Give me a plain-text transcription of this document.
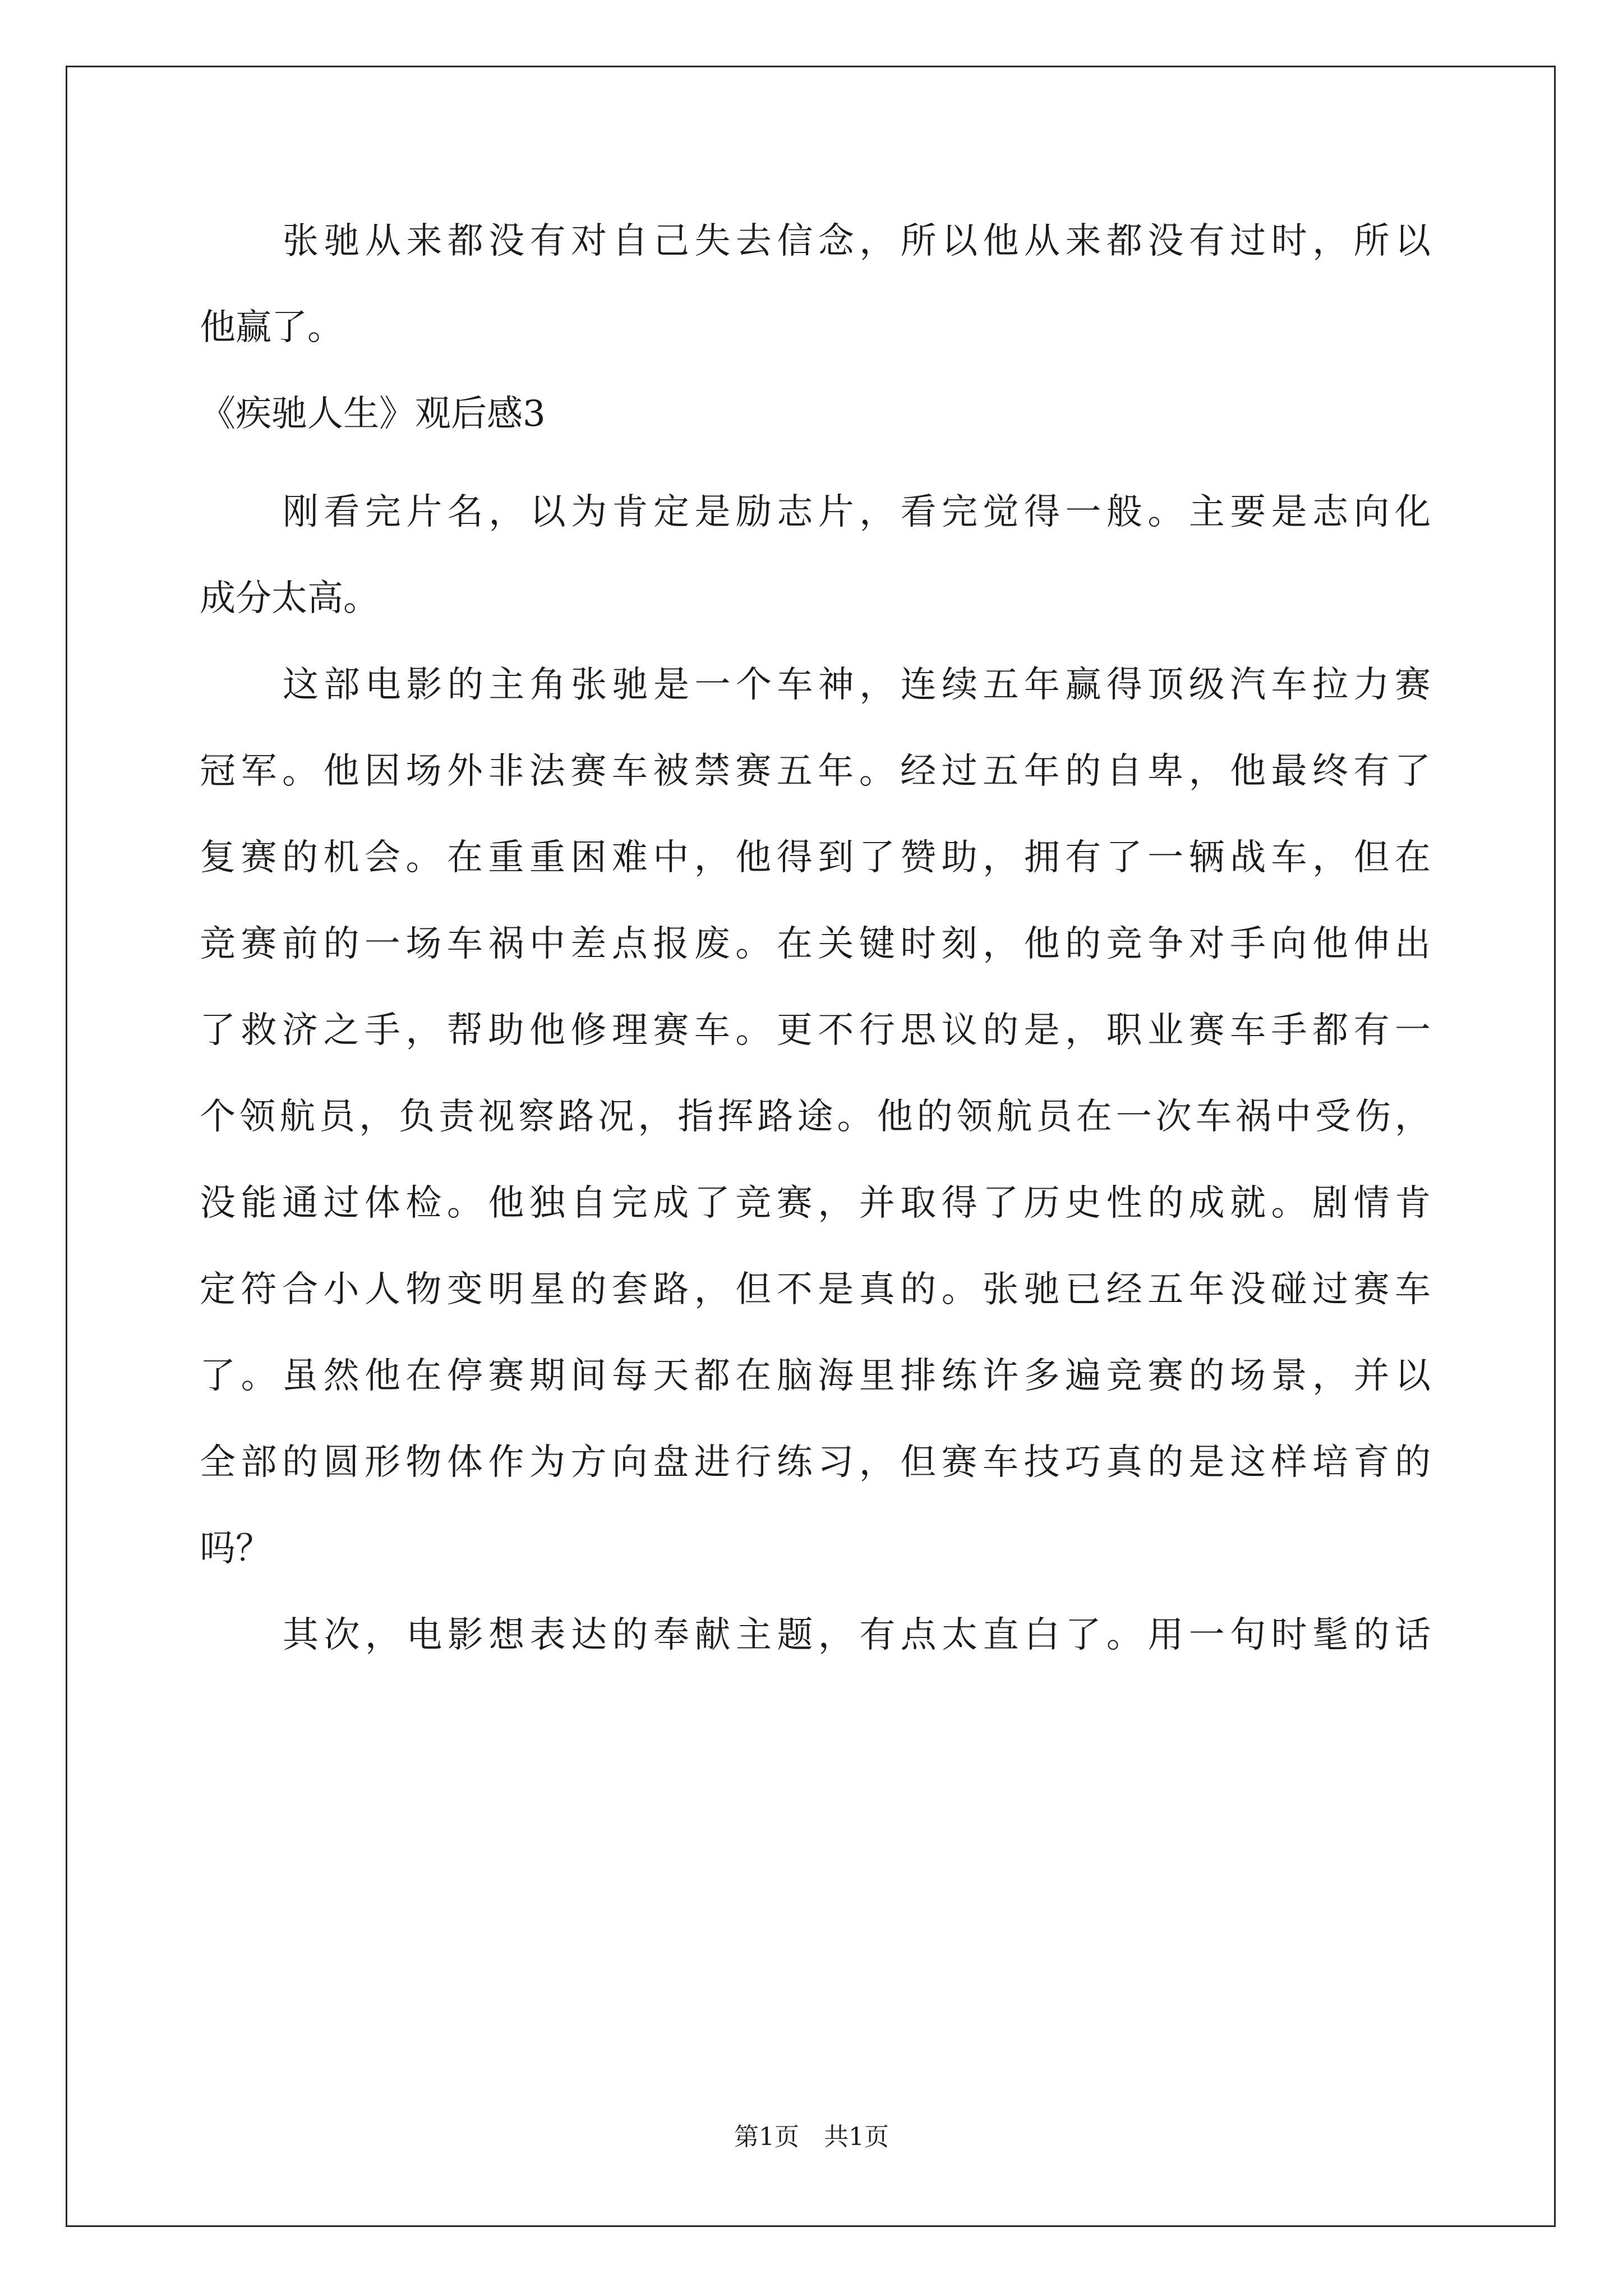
张驰从来都没有对自己失去信念，所以他从来都没有过时，所以
他赢了。
《疾驰人生》观后感3
刚看完片名，以为肯定是励志片，看完觉得一般。主要是志向化
成分太高。
这部电影的主角张驰是一个车神，连续五年赢得顶级汽车拉力赛
冠军。他因场外非法赛车被禁赛五年。经过五年的自卑，他最终有了
复赛的机会。在重重困难中，他得到了赞助，拥有了一辆战车，但在
竞赛前的一场车祸中差点报废。在关键时刻，他的竞争对手向他伸出
了救济之手，帮助他修理赛车。更不行思议的是，职业赛车手都有一
个领航员，负责视察路况，指挥路途。他的领航员在一次车祸中受伤，
没能通过体检。他独自完成了竞赛，并取得了历史性的成就。剧情肯
定符合小人物变明星的套路，但不是真的。张驰已经五年没碰过赛车
了。虽然他在停赛期间每天都在脑海里排练许多遍竞赛的场景，并以
全部的圆形物体作为方向盘进行练习，但赛车技巧真的是这样培育的
吗？
其次，电影想表达的奉献主题，有点太直白了。用一句时髦的话
第1页　共1页
